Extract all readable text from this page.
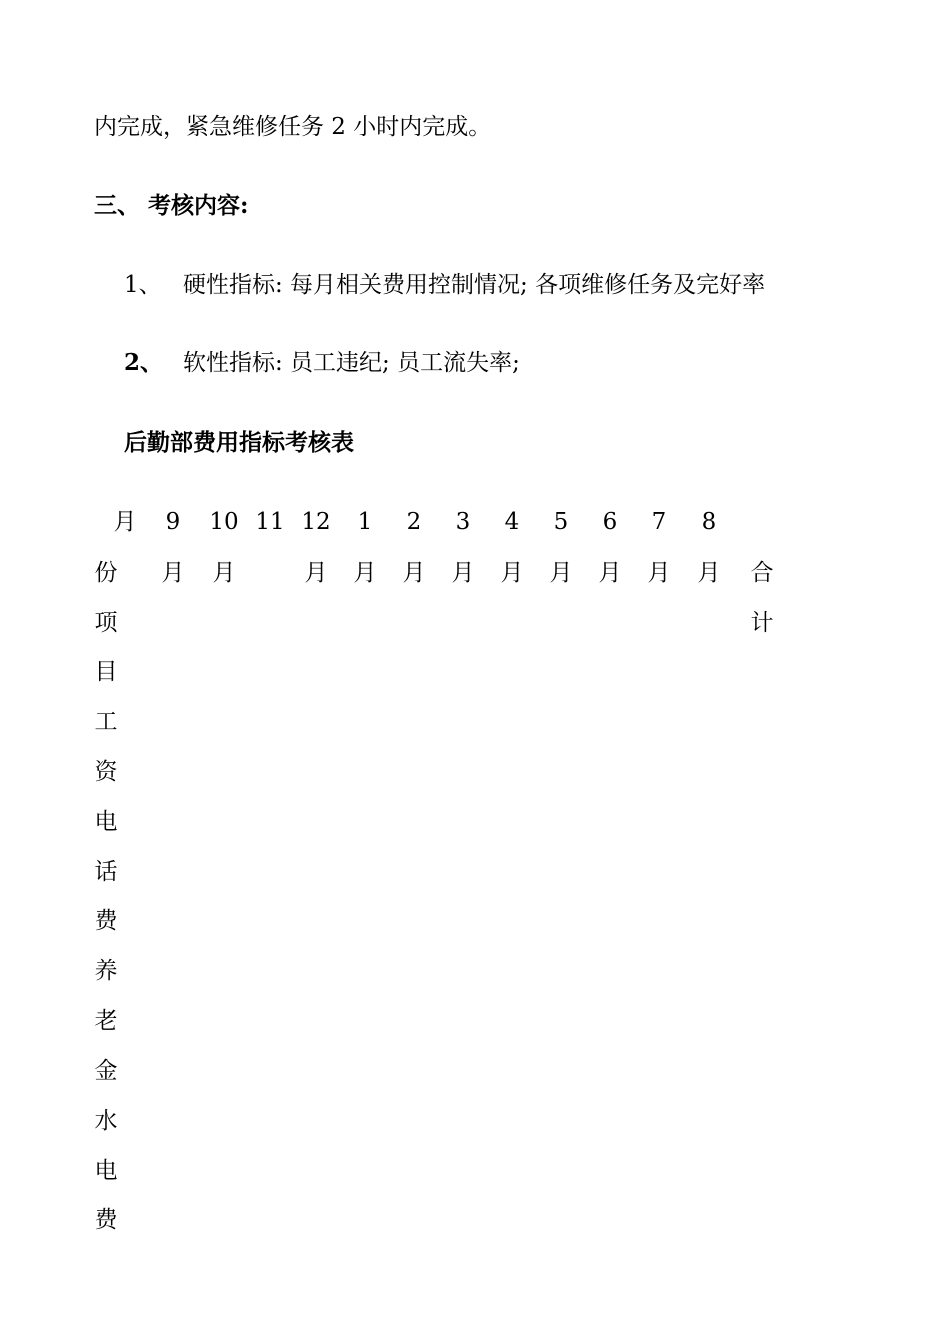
内完成，紧急维修任务 2 小时内完成。
三、 考核内容:
1、 硬性指标: 每月相关费用控制情况; 各项维修任务及完好率
2、 软性指标: 员工违纪; 员工流失率;
后勤部费用指标考核表
月
份
项
目
9
月
10
月
11 12
月
1
月
2
月
3
月
4
月
5
月
6
月
7
月
8
月	合
计
工
资
电
话
费
养
老
金
水
电
费
